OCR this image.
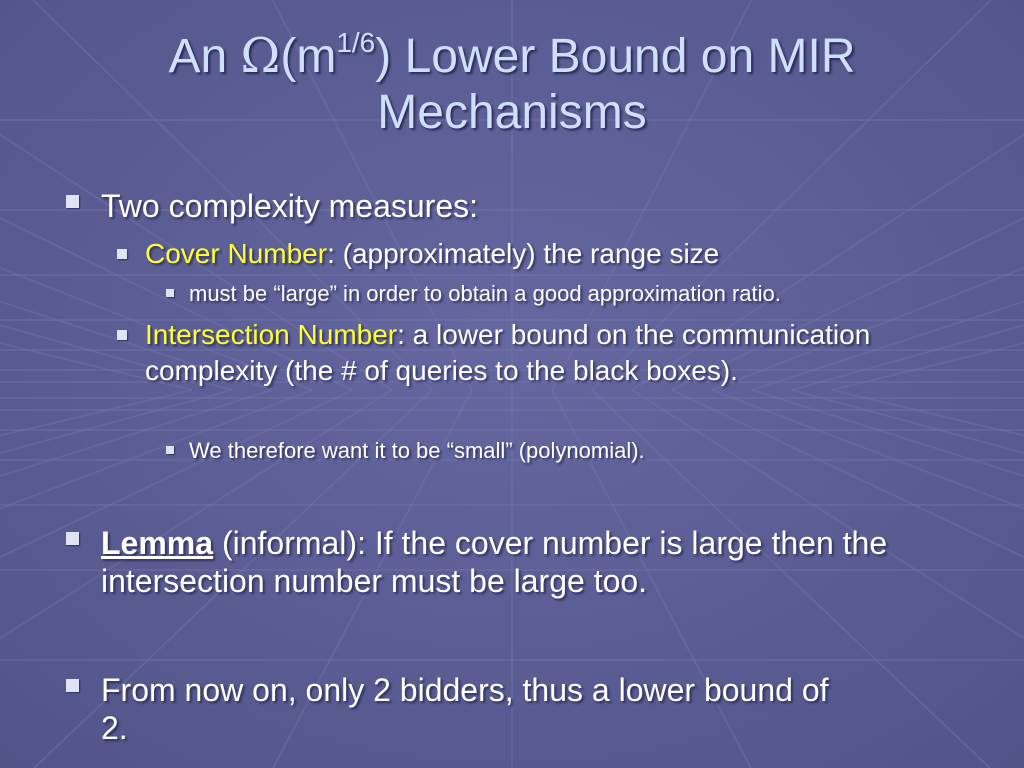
An $\Omega(m^{1/6})$ Lower Bound on MIR
Mechanisms
Two complexity measures:
Cover Number: (approximately) the range size
must be “large” in order to obtain a good approximation ratio.
Intersection Number: a lower bound on the communication complexity (the # of queries to the black boxes).
We therefore want it to be “small” (polynomial).
Lemma (informal): If the cover number is large then the intersection number must be large too.
From now on, only 2 bidders, thus a lower bound of 2.
